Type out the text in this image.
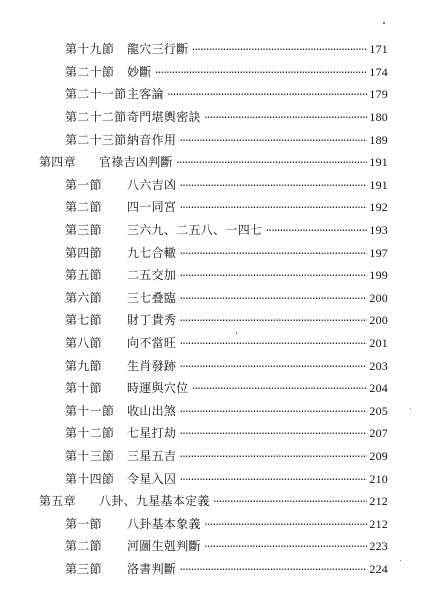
第十九節 龍穴三行斷 .....	171
第二十節 妙斷 .....	174
第二十一節主客論 .....	179
第二十二節奇門堪輿密訣 .....	180
第二十三節納音作用 .....	189
第四章 官祿吉凶判斷 .....	191
第一節 八六吉凶 .....	191
第二節 四一同宮 .....	192
第三節 三六九、二五八、一四七 .....	193
第四節 九七合轍 .....	197
第五節 二五交加 .....	199
第六節 三七叠臨 .....	200
第七節 財丁貴秀 .....	200
第八節 向不當旺 .....	201
第九節 生肖發跡 .....	203
第十節 時運與穴位 .....	204
第十一節 收山出煞 .....	205
第十二節 七星打劫 .....	207
第十三節 三星五吉 .....	209
第十四節 令星入囚 .....	210
第五章 八卦、九星基本定義 .....	212
第一節 八卦基本象義 .....	212
第二節 河圖生剋判斷 .....	223
第三節 洛書判斷 .....	224
